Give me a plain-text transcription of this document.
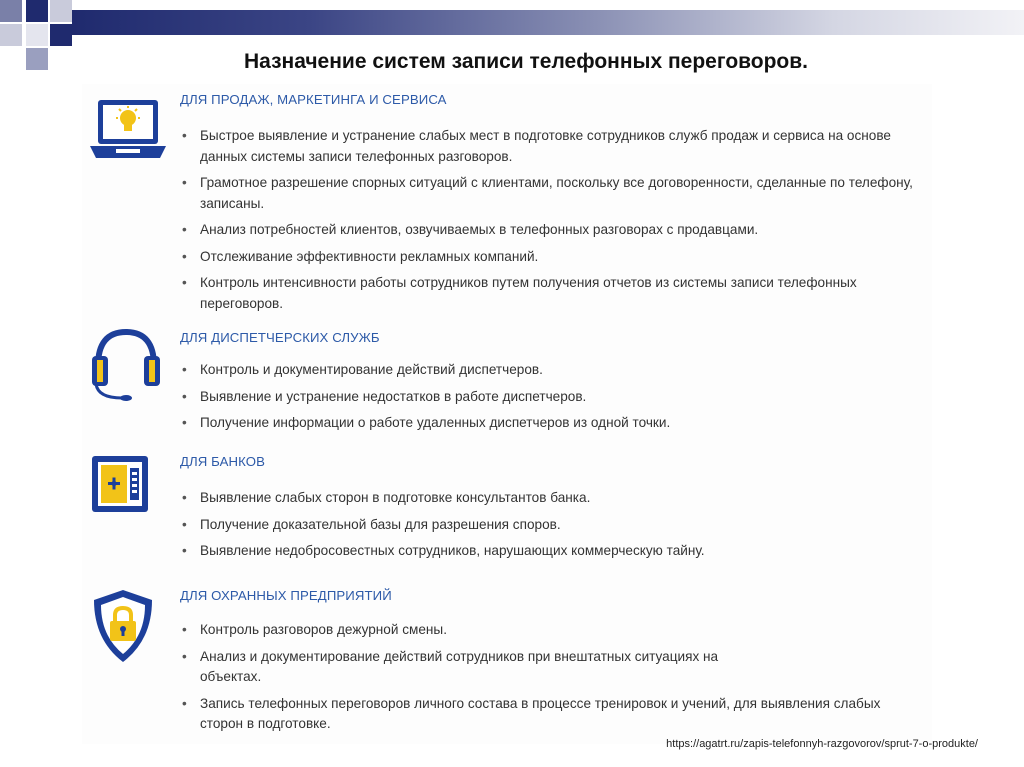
Назначение систем записи телефонных переговоров.
ДЛЯ ПРОДАЖ, МАРКЕТИНГА И СЕРВИСА
• Быстрое выявление и устранение слабых мест в подготовке сотрудников служб продаж и сервиса на основе данных системы записи телефонных разговоров.
• Грамотное разрешение спорных ситуаций с клиентами, поскольку все договоренности, сделанные по телефону, записаны.
• Анализ потребностей клиентов, озвучиваемых в телефонных разговорах с продавцами.
• Отслеживание эффективности рекламных компаний.
• Контроль интенсивности работы сотрудников путем получения отчетов из системы записи телефонных переговоров.
ДЛЯ ДИСПЕТЧЕРСКИХ СЛУЖБ
• Контроль и документирование действий диспетчеров.
• Выявление и устранение недостатков в работе диспетчеров.
• Получение информации о работе удаленных диспетчеров из одной точки.
ДЛЯ БАНКОВ
• Выявление слабых сторон в подготовке консультантов банка.
• Получение доказательной базы для разрешения споров.
• Выявление недобросовестных сотрудников, нарушающих коммерческую тайну.
ДЛЯ ОХРАННЫХ ПРЕДПРИЯТИЙ
• Контроль разговоров дежурной смены.
• Анализ и документирование действий сотрудников при внештатных ситуациях на объектах.
• Запись телефонных переговоров личного состава в процессе тренировок и учений, для выявления слабых сторон в подготовке.
https://agatrt.ru/zapis-telefonnyh-razgovorov/sprut-7-o-produkte/
